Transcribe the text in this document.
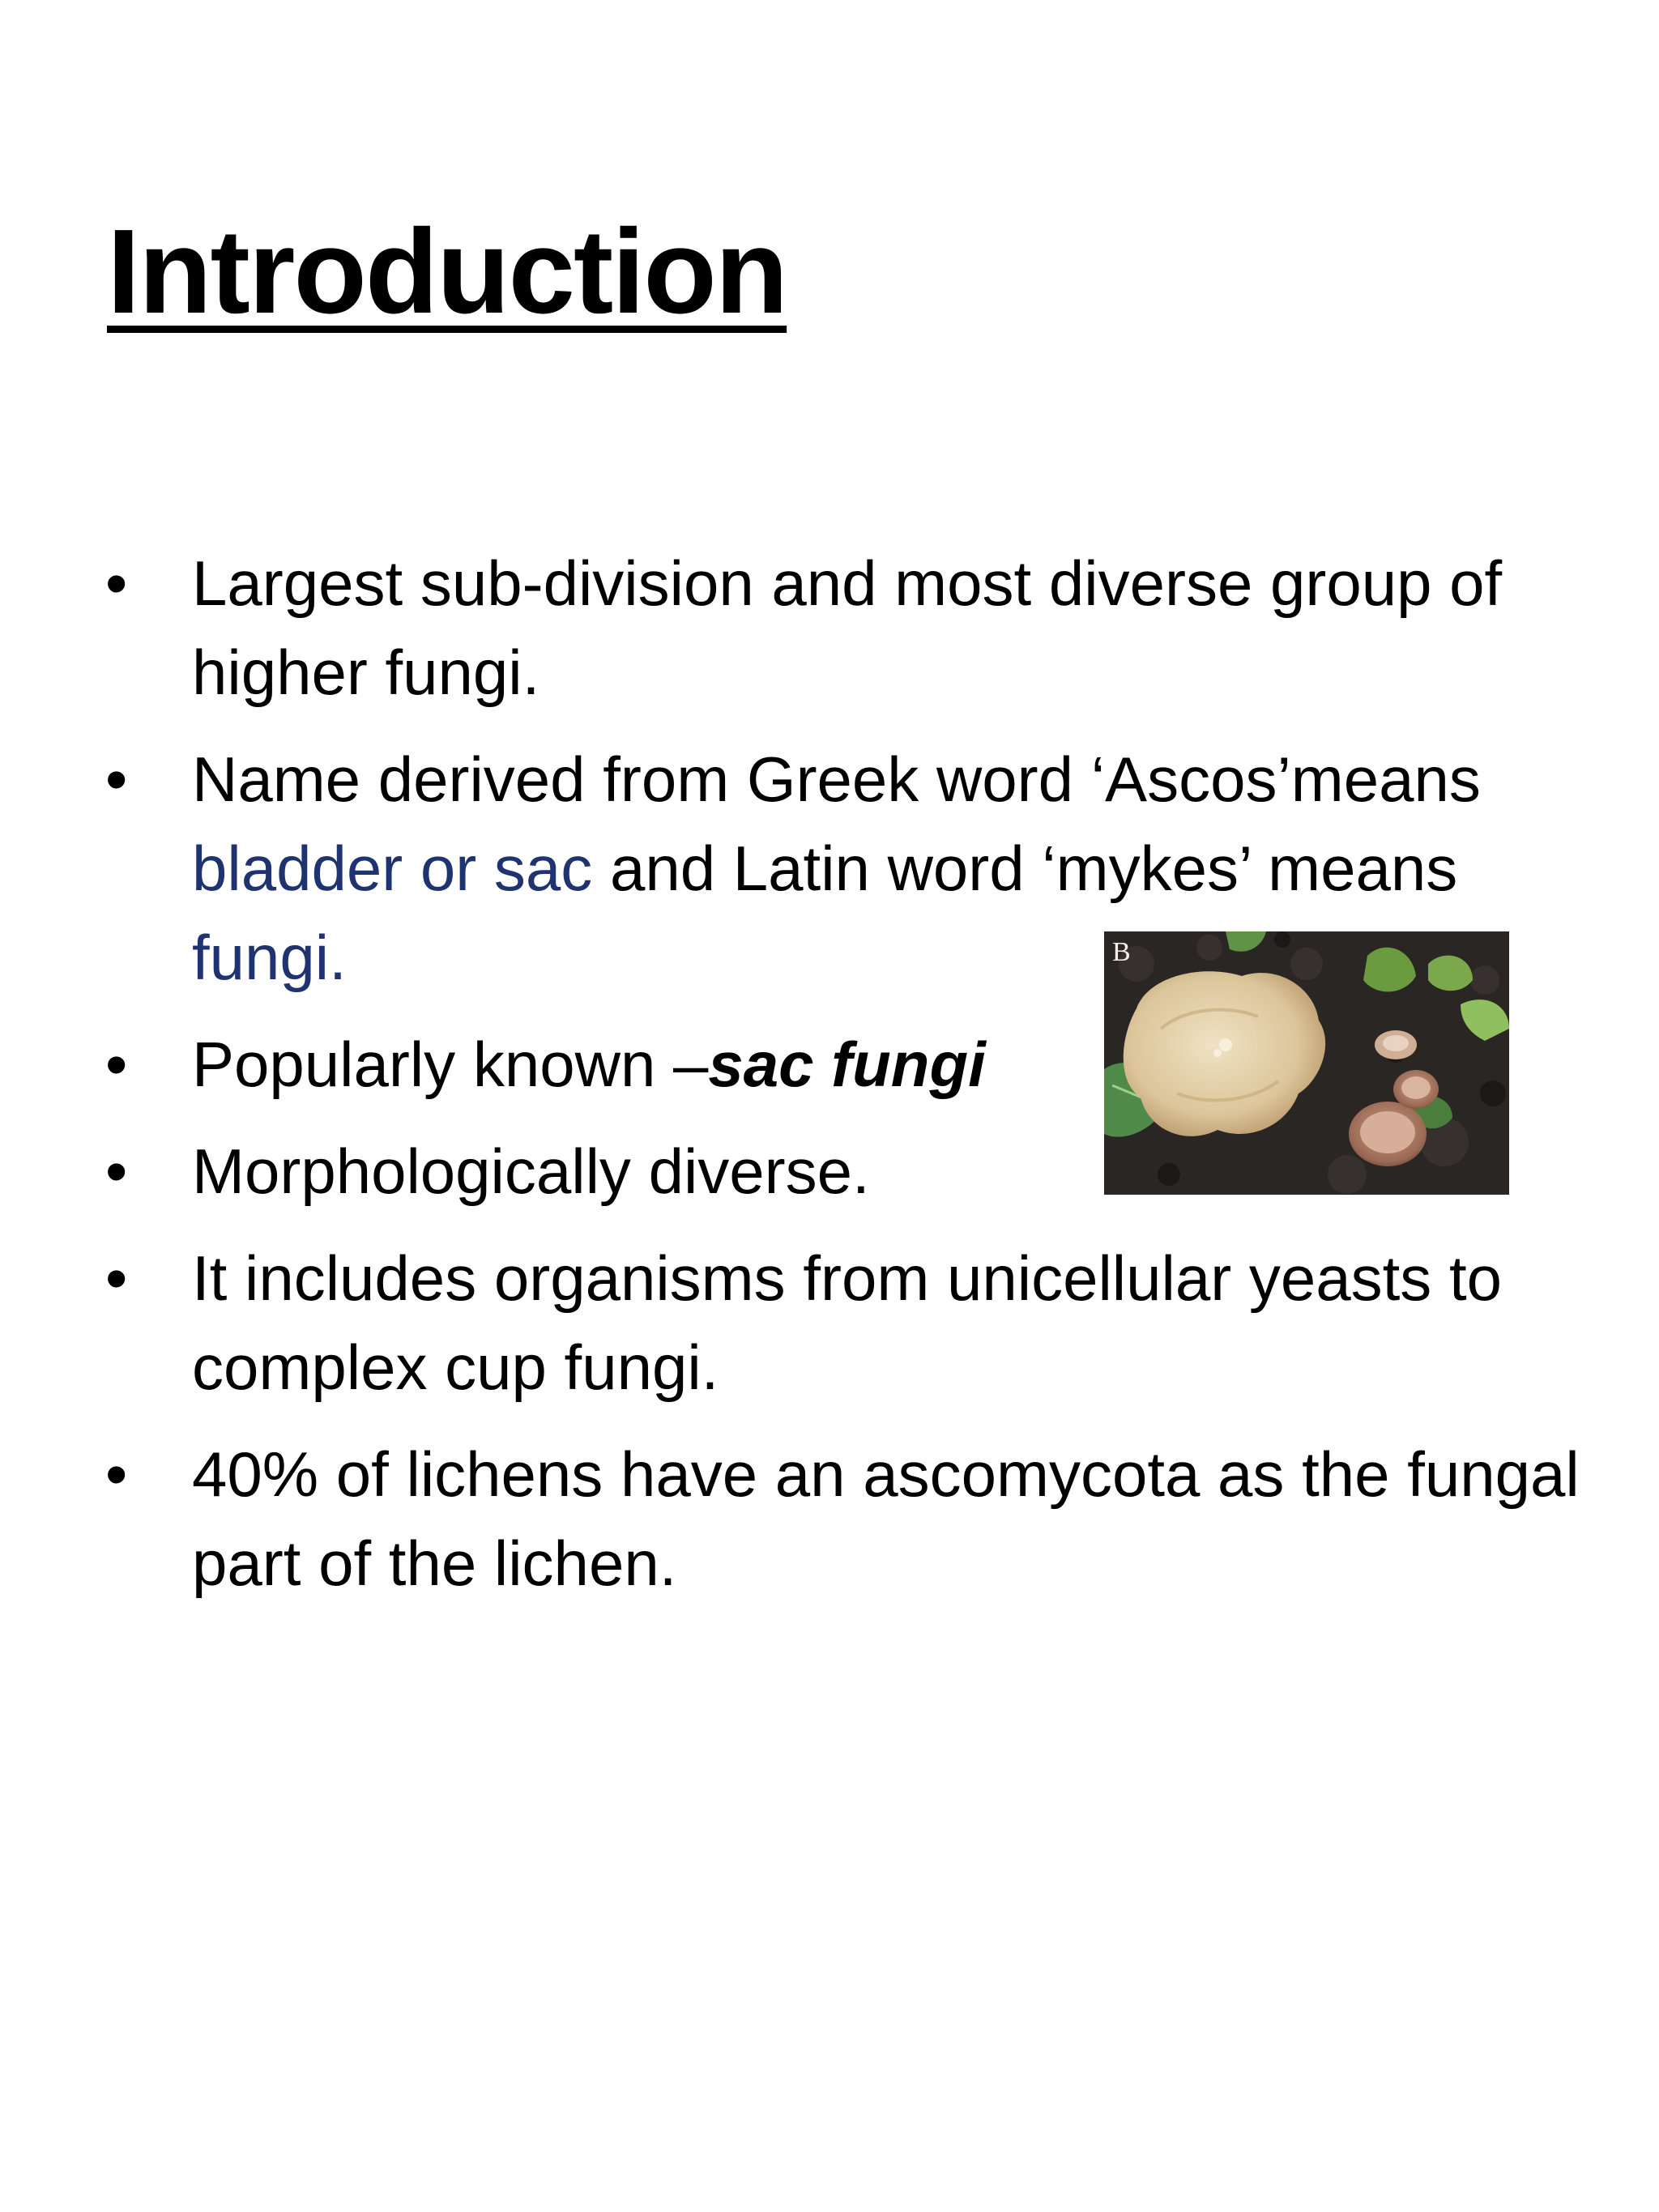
Introduction
• Largest sub-division and most diverse group of higher fungi.
• Name derived from Greek word ‘Ascos’means bladder or sac and Latin word ‘mykes’ means
fungi.
• Popularly known –sac fungi
• Morphologically diverse.
• It includes organisms from unicellular yeasts to complex cup fungi.
• 40% of lichens have an ascomycota as the fungal part of the lichen.
B
